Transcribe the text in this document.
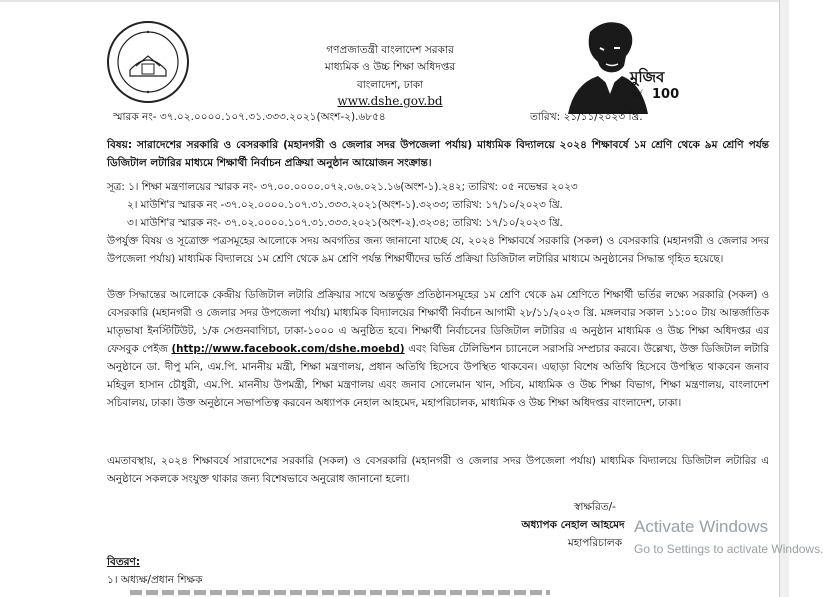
মুজিব
বর্ষ 100
গণপ্রজাতন্ত্রী বাংলাদেশ সরকার
মাধ্যমিক ও উচ্চ শিক্ষা অধিদপ্তর
বাংলাদেশ, ঢাকা
www.dshe.gov.bd
স্মারক নং- ৩৭.০২.০০০০.১০৭.৩১.৩৩৩.২০২১(অংশ-২).৬৮৫৪	তারিখ: ২১/১১/২০২৩ খ্রি.
বিষয়: সারাদেশের সরকারি ও বেসরকারি (মহানগরী ও জেলার সদর উপজেলা পর্যায়) মাধ্যমিক বিদ্যালয়ে ২০২৪ শিক্ষাবর্ষে ১ম শ্রেণি থেকে ৯ম শ্রেণি পর্যন্ত ডিজিটাল লটারির মাধ্যমে শিক্ষার্থী নির্বাচন প্রক্রিয়া অনুষ্ঠান আয়োজন সংক্রান্ত।
সূত্র: ১। শিক্ষা মন্ত্রণালয়ের স্মারক নং- ৩৭.০০.০০০০.০৭২.০৬.০২১.১৬(অংশ-১).২৪২; তারিখ: ০৫ নভেম্বর ২০২৩
২। মাউশি'র স্মারক নং -৩৭.০২.০০০০.১০৭.৩১.৩৩৩.২০২১(অংশ-১).৩২৩৩; তারিখ: ১৭/১০/২০২৩ খ্রি.
৩। মাউশি'র স্মারক নং- ৩৭.০২.০০০০.১০৭.৩১.৩৩৩.২০২১(অংশ-২).৩২৩৪; তারিখ: ১৭/১০/২০২৩ খ্রি.
উপর্যুক্ত বিষয় ও সূত্রোক্ত পত্রসমূহের আলোকে সদয় অবগতির জন্য জানানো যাচ্ছে যে, ২০২৪ শিক্ষাবর্ষে সরকারি (সকল) ও বেসরকারি (মহানগরী ও জেলার সদর উপজেলা পর্যায়) মাধ্যমিক বিদ্যালয়ে ১ম শ্রেণি থেকে ৯ম শ্রেণি পর্যন্ত শিক্ষার্থীদের ভর্তি প্রক্রিয়া ডিজিটাল লটারির মাধ্যমে অনুষ্ঠানের সিদ্ধান্ত গৃহিত হয়েছে।
উক্ত সিদ্ধান্তের আলোকে কেন্দ্রীয় ডিজিটাল লটারি প্রক্রিয়ার সাথে অন্তর্ভুক্ত প্রতিষ্ঠানসমূহের ১ম শ্রেণি থেকে ৯ম শ্রেণিতে শিক্ষার্থী ভর্তির লক্ষ্যে সরকারি (সকল) ও বেসরকারি (মহানগরী ও জেলার সদর উপজেলা পর্যায়) মাধ্যমিক বিদ্যালয়ের শিক্ষার্থী নির্বাচন আগামী ২৮/১১/২০২৩ খ্রি. মঙ্গলবার সকাল ১১:০০ টায় আন্তর্জাতিক মাতৃভাষা ইনস্টিটিউট, ১/ক সেগুনবাগিচা, ঢাকা-১০০০ এ অনুষ্ঠিত হবে। শিক্ষার্থী নির্বাচনের ডিজিটাল লটারির এ অনুষ্ঠান মাধ্যমিক ও উচ্চ শিক্ষা অধিদপ্তর এর ফেসবুক পেইজ (http://www.facebook.com/dshe.moebd) এবং বিভিন্ন টেলিভিশন চ্যানেলে সরাসরি সম্প্রচার করবে। উল্লেখ্য, উক্ত ডিজিটাল লটারি অনুষ্ঠানে ডা. দীপু মনি, এম.পি. মাননীয় মন্ত্রী, শিক্ষা মন্ত্রণালয়, প্রধান অতিথি হিসেবে উপস্থিত থাকবেন। এছাড়া বিশেষ অতিথি হিসেবে উপস্থিত থাকবেন জনাব মহিবুল হাসান চৌধুরী, এম.পি. মাননীয় উপমন্ত্রী, শিক্ষা মন্ত্রণালয় এবং জনাব সোলেমান খান, সচিব, মাধ্যমিক ও উচ্চ শিক্ষা বিভাগ, শিক্ষা মন্ত্রণালয়, বাংলাদেশ সচিবালয়, ঢাকা। উক্ত অনুষ্ঠানে সভাপতিত্ব করবেন অধ্যাপক নেহাল আহমেদ, মহাপরিচালক, মাধ্যমিক ও উচ্চ শিক্ষা অধিদপ্তর বাংলাদেশ, ঢাকা।
এমতাবস্থায়, ২০২৪ শিক্ষাবর্ষে সারাদেশের সরকারি (সকল) ও বেসরকারি (মহানগরী ও জেলার সদর উপজেলা পর্যায়) মাধ্যমিক বিদ্যালয়ে ডিজিটাল লটারির এ অনুষ্ঠানে সকলকে সংযুক্ত থাকার জন্য বিশেষভাবে অনুরোধ জানানো হলো।
স্বাক্ষরিত/-
অধ্যাপক নেহাল আহমেদ
মহাপরিচালক
বিতরণ:
১। অধ্যক্ষ/প্রধান শিক্ষক
Activate Windows
Go to Settings to activate Windows.
